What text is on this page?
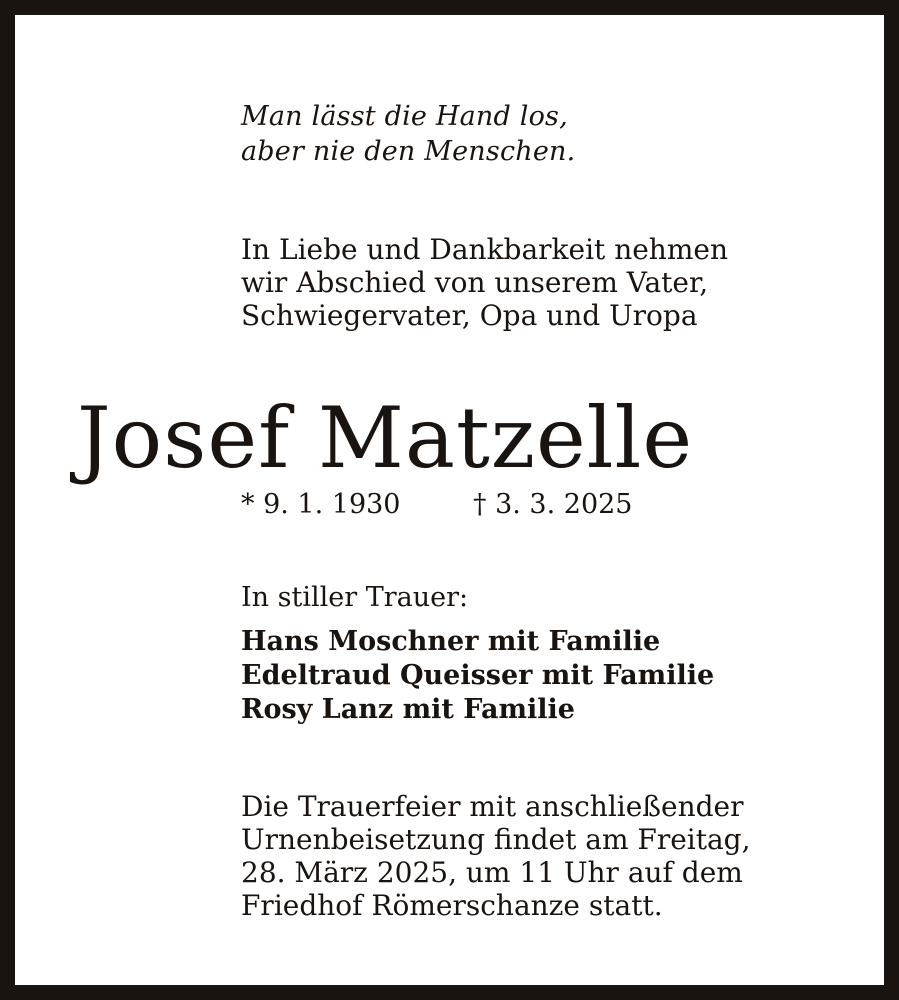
Man lässt die Hand los,
aber nie den Menschen.
In Liebe und Dankbarkeit nehmen
wir Abschied von unserem Vater,
Schwiegervater, Opa und Uropa
Josef Matzelle
* 9. 1. 1930	† 3. 3. 2025
In stiller Trauer:
Hans Moschner mit Familie
Edeltraud Queisser mit Familie
Rosy Lanz mit Familie
Die Trauerfeier mit anschließender
Urnenbeisetzung findet am Freitag,
28. März 2025, um 11 Uhr auf dem
Friedhof Römerschanze statt.
